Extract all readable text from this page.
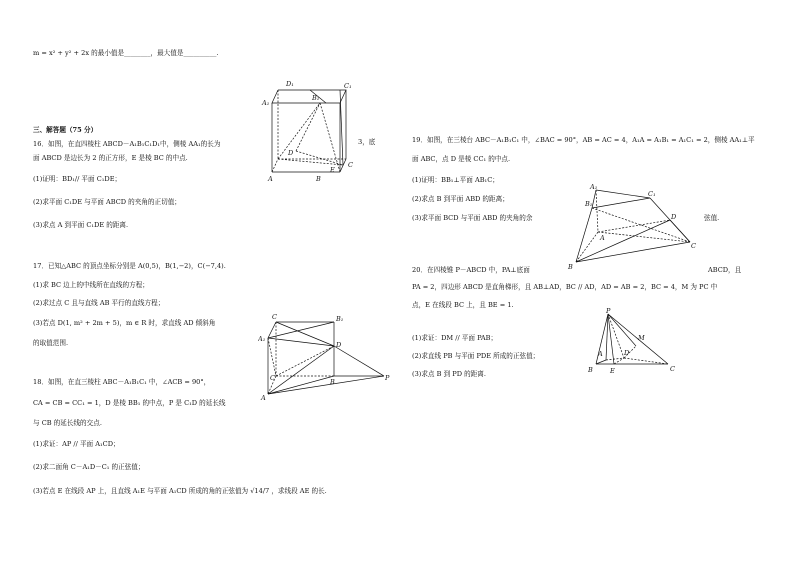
m = x² + y² + 2x 的最小值是________，最大值是__________.
三、解答题（75 分）
16．如图，在直四棱柱 ABCD－A₁B₁C₁D₁中，侧棱 AA₁的长为
面 ABCD 是边长为 2 的正方形，E 是棱 BC 的中点.
3，底
(1)证明：BD₁// 平面 C₁DE；
(2)求平面 C₁DE 与平面 ABCD 的夹角的正切值；
(3)求点 A 到平面 C₁DE 的距离.
17．已知△ABC 的顶点坐标分别是 A(0,5)，B(1,−2)，C(−7,4).
(1)求 BC 边上的中线所在直线的方程；
(2)求过点 C 且与直线 AB 平行的直线方程；
(3)若点 D(1, m² + 2m + 5)，m ∈ R 时，求直线 AD 倾斜角
的取值范围.
18．如图，在直三棱柱 ABC－A₁B₁C₁ 中，∠ACB = 90°，
CA = CB = CC₁ = 1，D 是棱 BB₁ 的中点，P 是 C₁D 的延长线
与 CB 的延长线的交点.
(1)求证：AP // 平面 A₁CD；
(2)求二面角 C－A₁D－C₁ 的正弦值；
(3)若点 E 在线段 AP 上，且直线 A₁E 与平面 A₁CD 所成的角的正弦值为 √14/7 ，求线段 AE 的长.
19．如图，在三棱台 ABC－A₁B₁C₁ 中，∠BAC = 90°，AB = AC = 4，A₁A = A₁B₁ = A₁C₁ = 2，侧棱 AA₁⊥平
面 ABC，点 D 是棱 CC₁ 的中点.
(1)证明：BB₁⊥平面 AB₁C；
(2)求点 B 到平面 ABD 的距离；
(3)求平面 BCD 与平面 ABD 的夹角的余	弦值.
20．在四棱锥 P－ABCD 中，PA⊥底面	ABCD，且
PA = 2，四边形 ABCD 是直角梯形，且 AB⊥AD，BC // AD，AD = AB = 2，BC = 4，M 为 PC 中
点，E 在线段 BC 上，且 BE = 1.
(1)求证：DM // 平面 PAB；
(2)求直线 PB 与平面 PDE 所成的正弦值；
(3)求点 B 到 PD 的距离.
D₁	C₁
A₁
B₁
D
A	B
E
C
C	B₁
A₁
D
P
C	B
A
A₁
C₁
B₁
D
A
C
B
P
M
A	D
B	E	C
